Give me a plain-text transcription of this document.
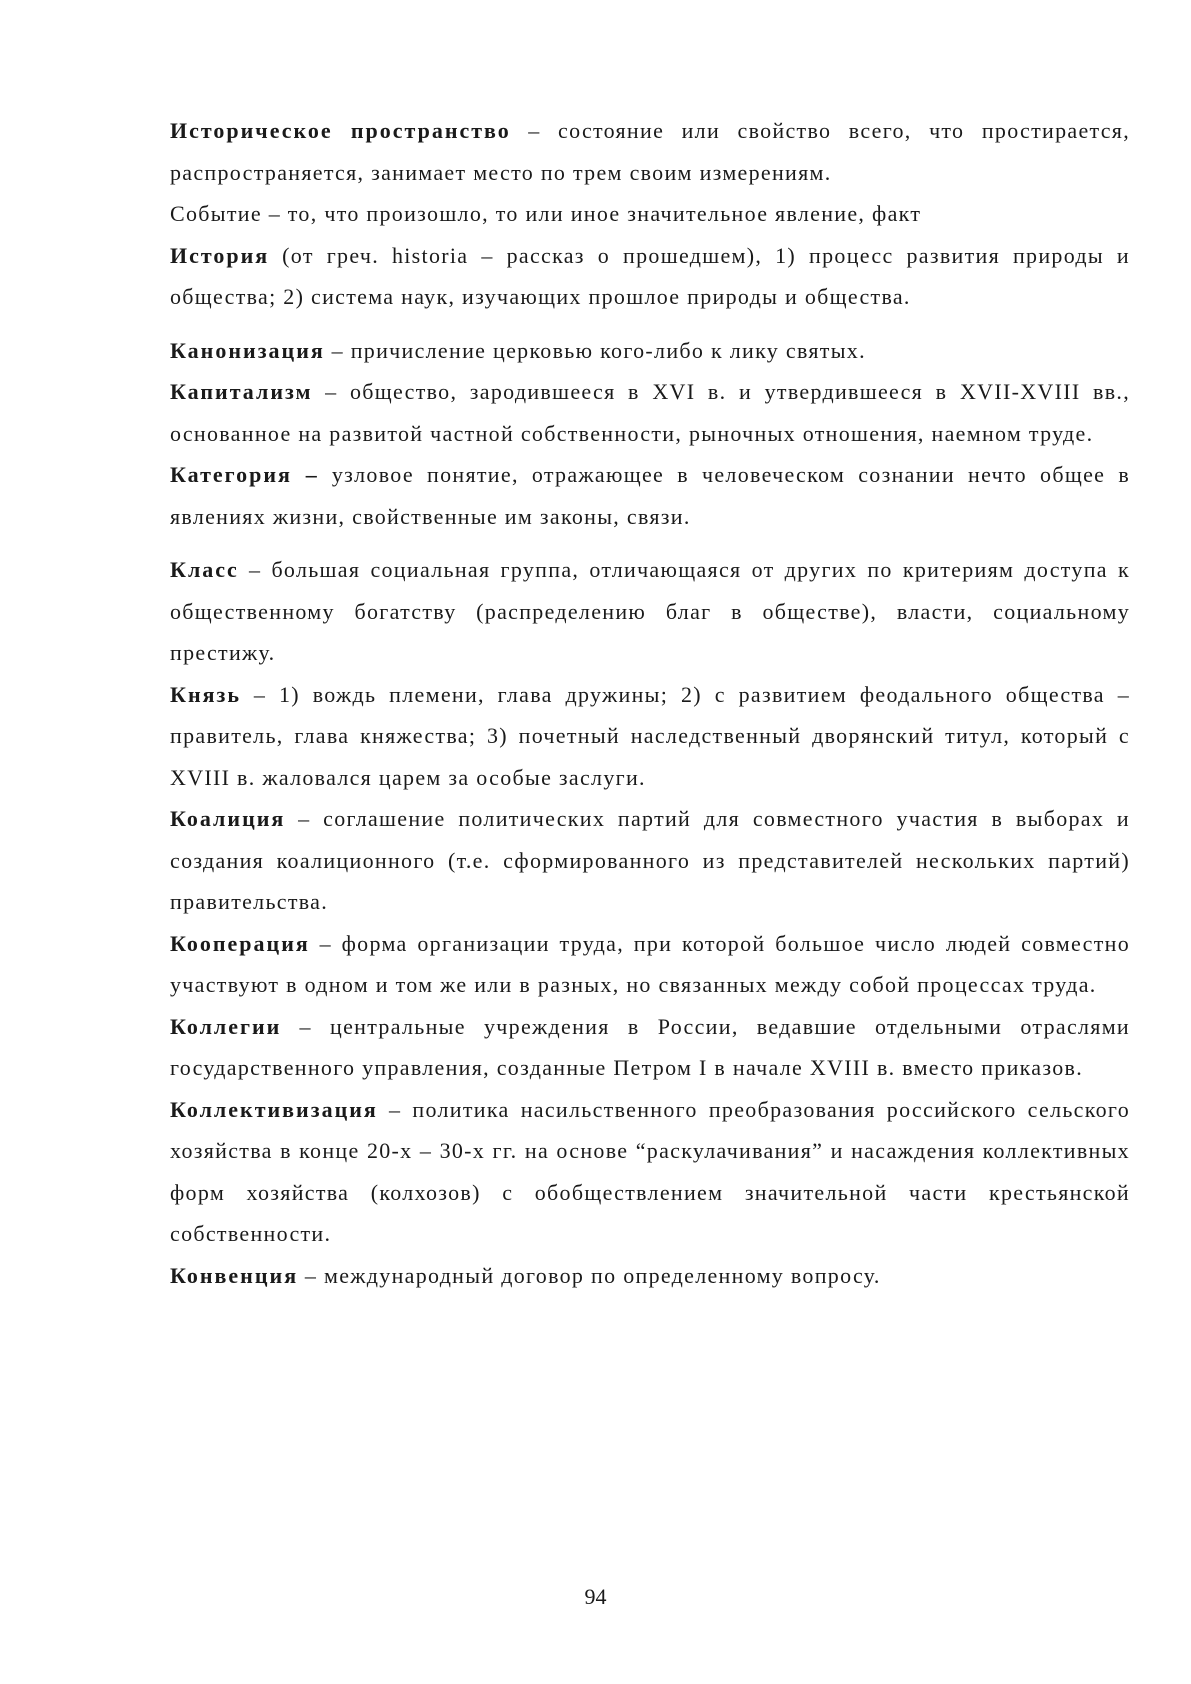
Историческое пространство – состояние или свойство всего, что простирается, распространяется, занимает место по трем своим измерениям.

Событие – то, что произошло, то или иное значительное явление, факт

История (от греч. historia – рассказ о прошедшем), 1) процесс развития природы и общества; 2) система наук, изучающих прошлое природы и общества.

Канонизация – причисление церковью кого-либо к лику святых.

Капитализм – общество, зародившееся в XVI в. и утвердившееся в XVII-XVIII вв., основанное на развитой частной собственности, рыночных отношения, наемном труде.

Категория – узловое понятие, отражающее в человеческом сознании нечто общее в явлениях жизни, свойственные им законы, связи.

Класс – большая социальная группа, отличающаяся от других по критериям доступа к общественному богатству (распределению благ в обществе), власти, социальному престижу.

Князь – 1) вождь племени, глава дружины; 2) с развитием феодального общества – правитель, глава княжества; 3) почетный наследственный дворянский титул, который с XVIII в. жаловался царем за особые заслуги.

Коалиция – соглашение политических партий для совместного участия в выборах и создания коалиционного (т.е. сформированного из представителей нескольких партий) правительства.

Кооперация – форма организации труда, при которой большое число людей совместно участвуют в одном и том же или в разных, но связанных между собой процессах труда.

Коллегии – центральные учреждения в России, ведавшие отдельными отраслями государственного управления, созданные Петром I в начале XVIII в. вместо приказов.

Коллективизация – политика насильственного преобразования российского сельского хозяйства в конце 20-х – 30-х гг. на основе “раскулачивания” и насаждения коллективных форм хозяйства (колхозов) с обобществлением значительной части крестьянской собственности.

Конвенция – международный договор по определенному вопросу.

94
